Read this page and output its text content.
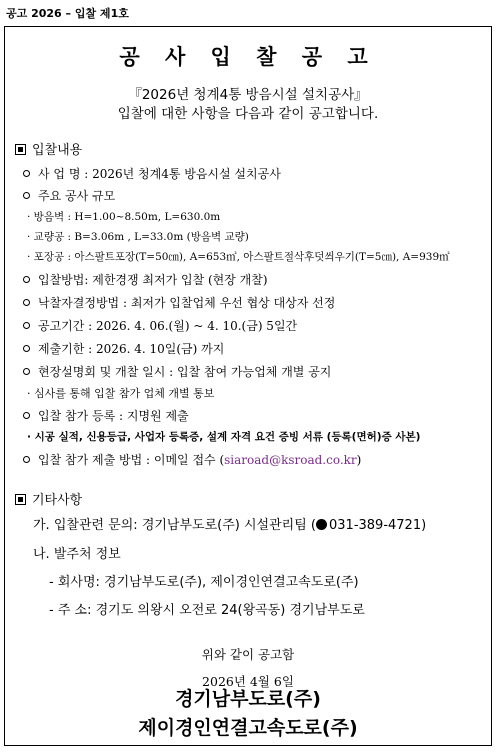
공고 2026 – 입찰 제1호
공 사 입 찰 공 고
『2026년 청계4통 방음시설 설치공사』
입찰에 대한 사항을 다음과 같이 공고합니다.
입찰내용
사 업 명 : 2026년 청계4통 방음시설 설치공사
주요 공사 규모
· 방음벽 : H=1.00~8.50m, L=630.0m
· 교량공 : B=3.06m , L=33.0m (방음벽 교량)
· 포장공 : 아스팔트포장(T=50㎝), A=653㎡, 아스팔트절삭후덧씌우기(T=5㎝), A=939㎡
입찰방법: 제한경쟁 최저가 입찰 (현장 개찰)
낙찰자결정방법 : 최저가 입찰업체 우선 협상 대상자 선정
공고기간 : 2026. 4. 06.(월) ~ 4. 10.(금) 5일간
제출기한 : 2026. 4. 10일(금) 까지
현장설명회 및 개찰 일시 : 입찰 참여 가능업체 개별 공지
· 심사를 통해 입찰 참가 업체 개별 통보
입찰 참가 등록 : 지명원 제출
· 시공 실적, 신용등급, 사업자 등록증, 설계 자격 요건 증빙 서류 (등록(면허)증 사본)
입찰 참가 제출 방법 : 이메일 접수 (siaroad@ksroad.co.kr)
기타사항
가. 입찰관련 문의: 경기남부도로(주) 시설관리팀 ( 031-389-4721)
나. 발주처 정보
- 회사명: 경기남부도로(주), 제이경인연결고속도로(주)
- 주 소: 경기도 의왕시 오전로 24(왕곡동) 경기남부도로
위와 같이 공고함
2026년 4월 6일
경기남부도로(주)
제이경인연결고속도로(주)
